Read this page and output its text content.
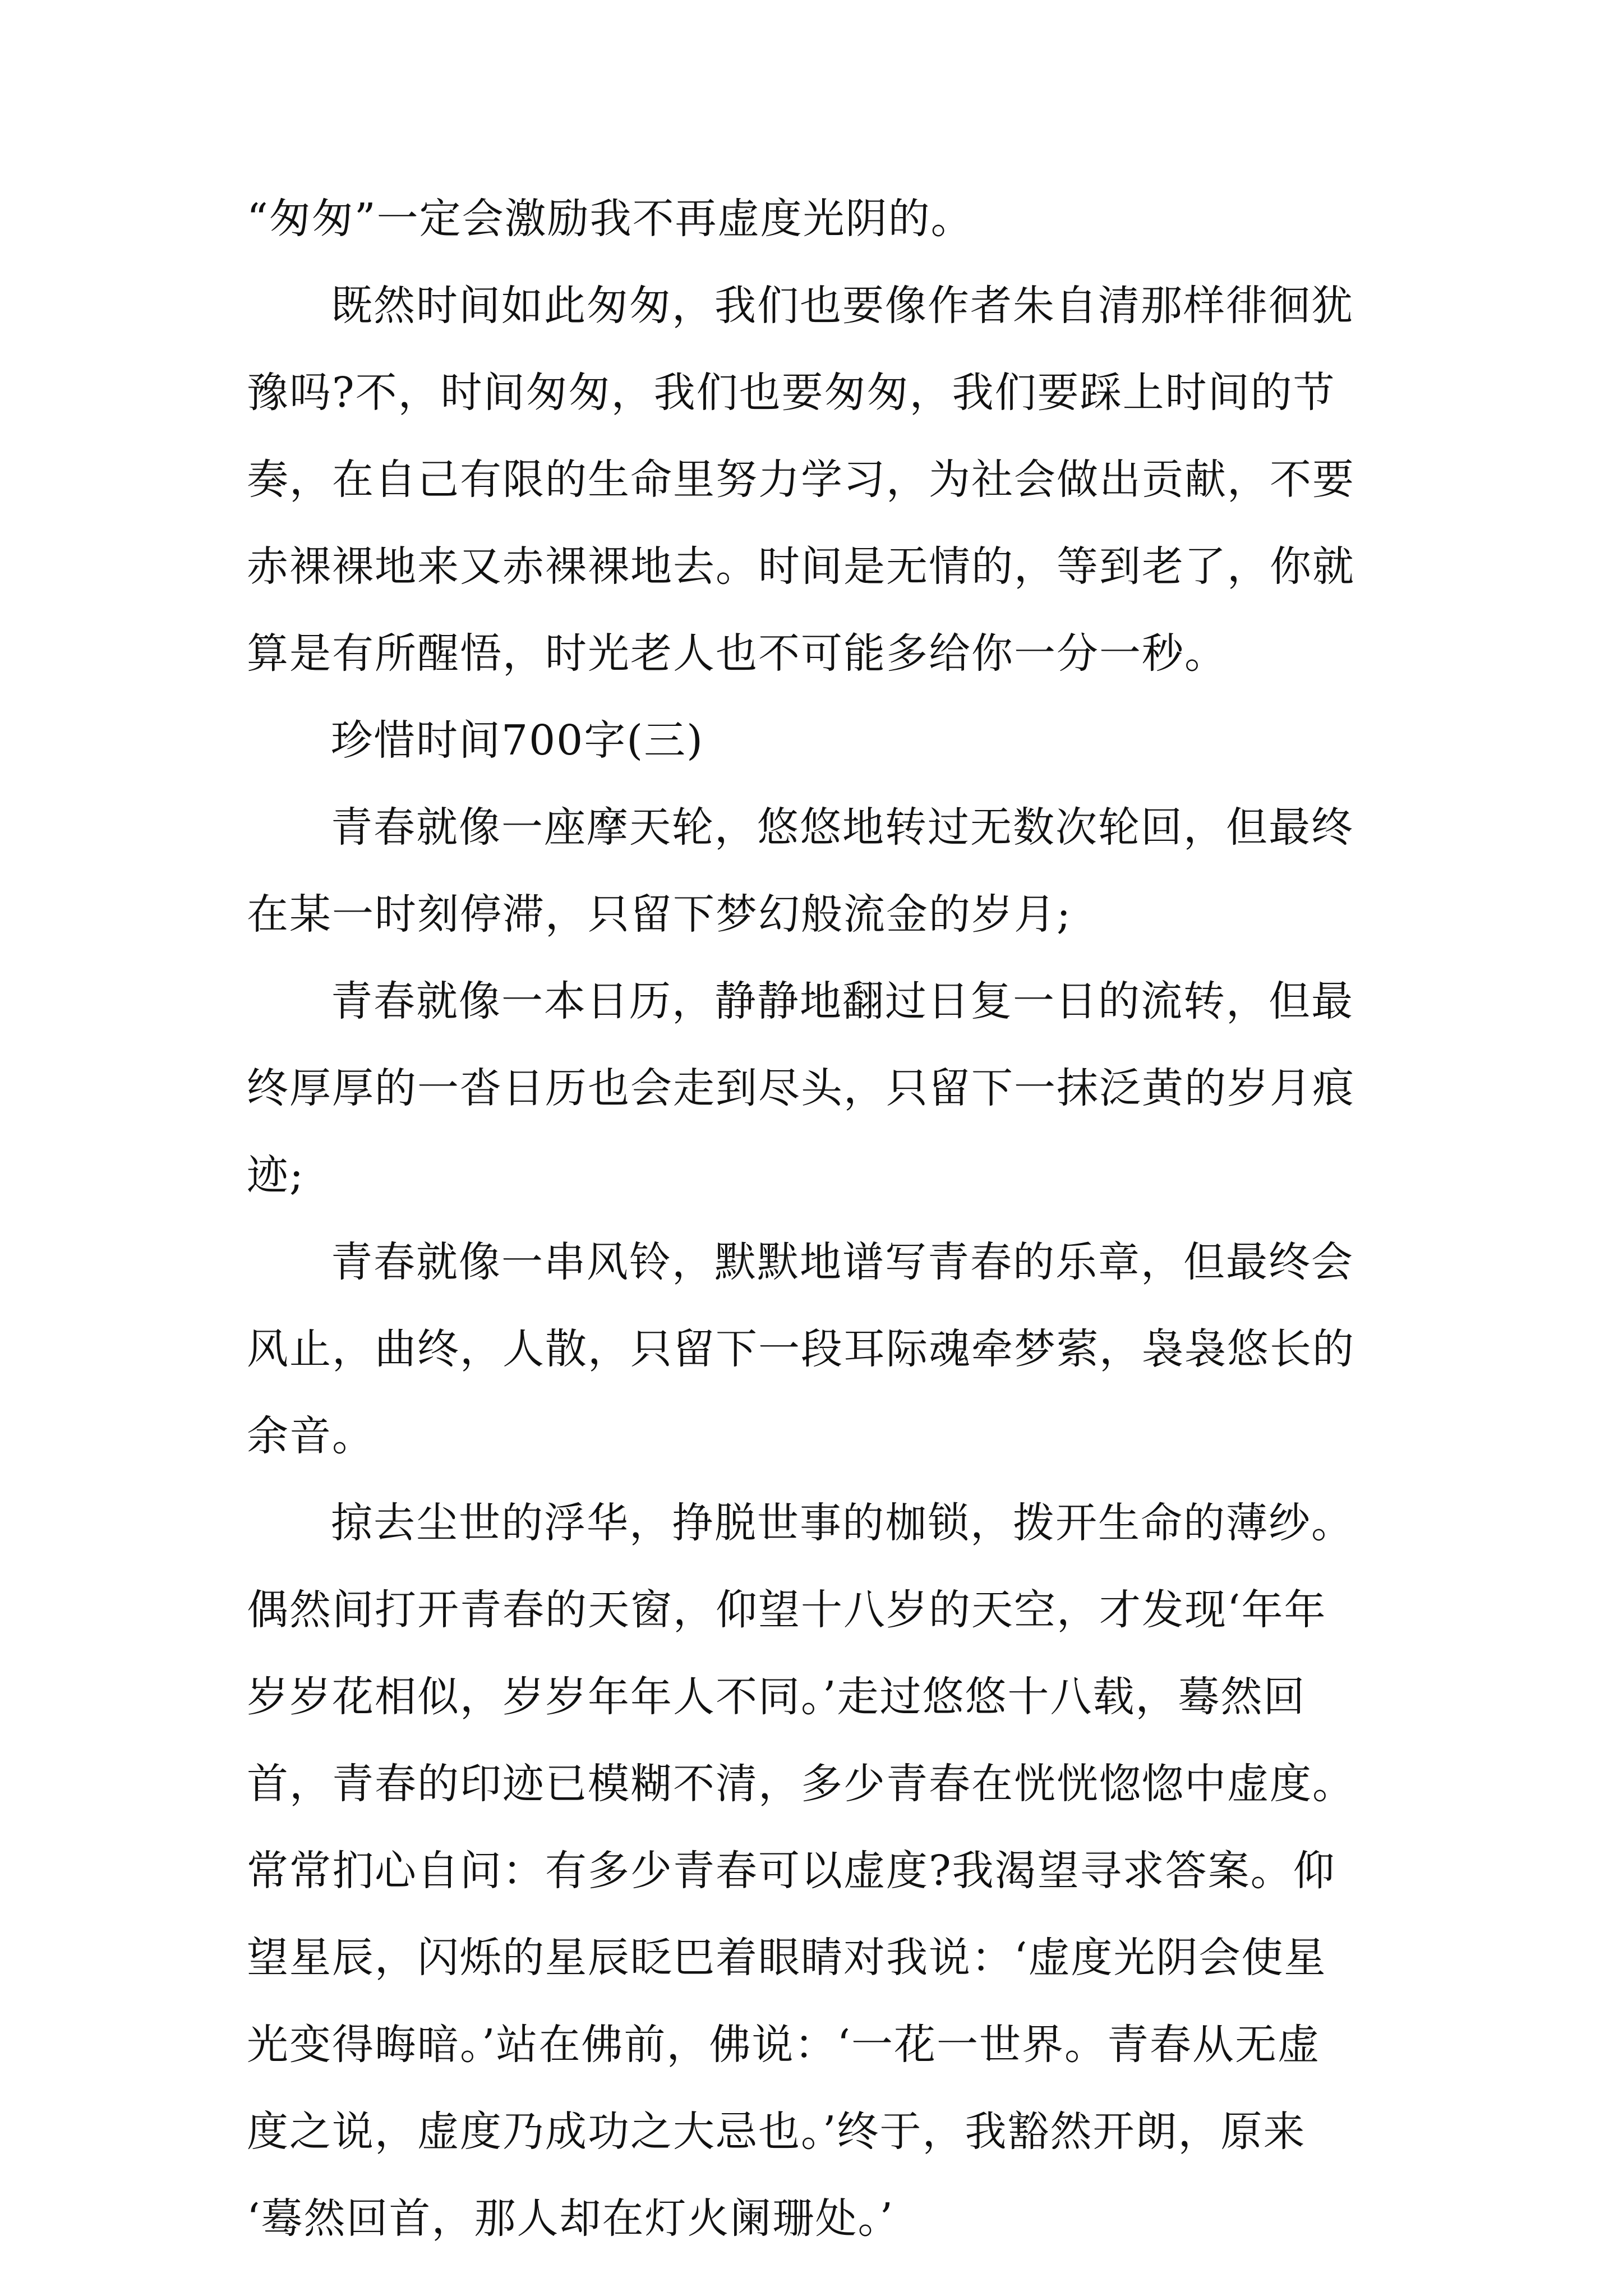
“匆匆”一定会激励我不再虚度光阴的。
既然时间如此匆匆，我们也要像作者朱自清那样徘徊犹
豫吗?不，时间匆匆，我们也要匆匆，我们要踩上时间的节
奏，在自己有限的生命里努力学习，为社会做出贡献，不要
赤裸裸地来又赤裸裸地去。时间是无情的，等到老了，你就
算是有所醒悟，时光老人也不可能多给你一分一秒。
珍惜时间700字(三)
青春就像一座摩天轮，悠悠地转过无数次轮回，但最终
在某一时刻停滞，只留下梦幻般流金的岁月;
青春就像一本日历，静静地翻过日复一日的流转，但最
终厚厚的一沓日历也会走到尽头，只留下一抹泛黄的岁月痕
迹;
青春就像一串风铃，默默地谱写青春的乐章，但最终会
风止，曲终，人散，只留下一段耳际魂牵梦萦，袅袅悠长的
余音。
掠去尘世的浮华，挣脱世事的枷锁，拨开生命的薄纱。
偶然间打开青春的天窗，仰望十八岁的天空，才发现‘年年
岁岁花相似，岁岁年年人不同。’走过悠悠十八载，蓦然回
首，青春的印迹已模糊不清，多少青春在恍恍惚惚中虚度。
常常扪心自问：有多少青春可以虚度?我渴望寻求答案。仰
望星辰，闪烁的星辰眨巴着眼睛对我说：‘虚度光阴会使星
光变得晦暗。’站在佛前，佛说：‘一花一世界。青春从无虚
度之说，虚度乃成功之大忌也。’终于，我豁然开朗，原来
‘蓦然回首，那人却在灯火阑珊处。’
